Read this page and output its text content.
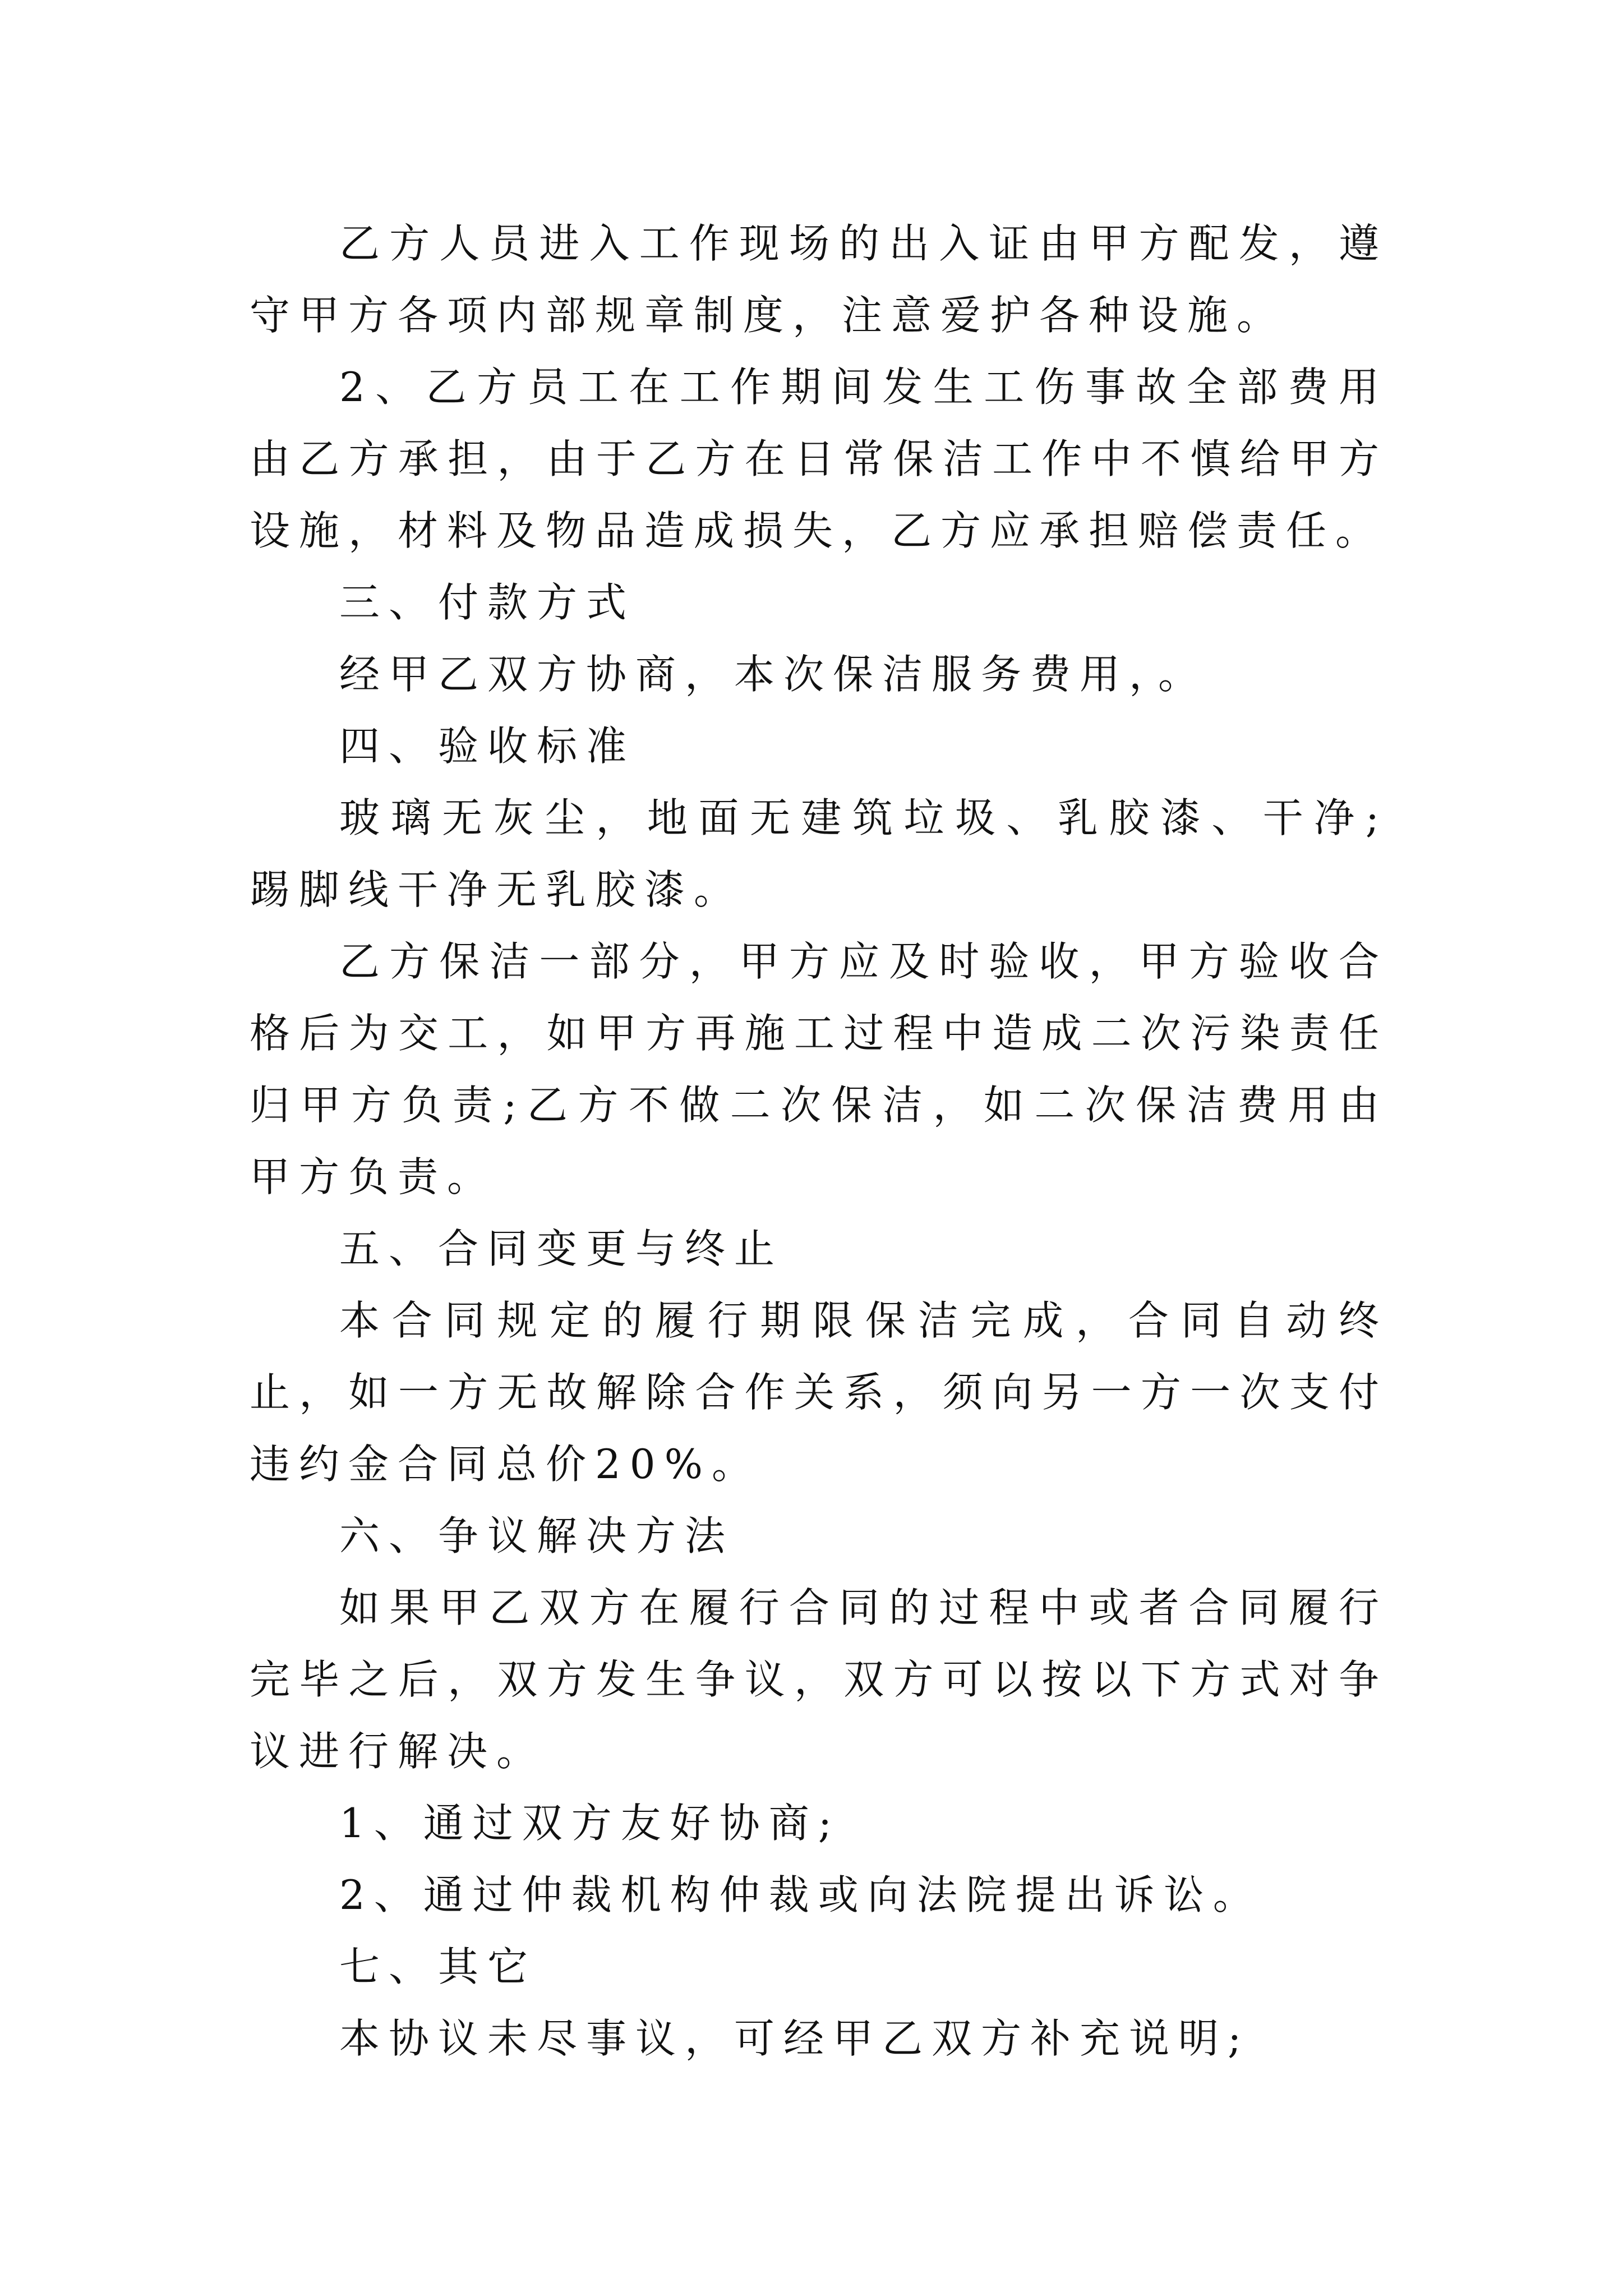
乙方人员进入工作现场的出入证由甲方配发，遵守甲方各项内部规章制度，注意爱护各种设施。

2、乙方员工在工作期间发生工伤事故全部费用由乙方承担，由于乙方在日常保洁工作中不慎给甲方设施，材料及物品造成损失，乙方应承担赔偿责任。

三、付款方式

经甲乙双方协商，本次保洁服务费用，。

四、验收标准

玻璃无灰尘，地面无建筑垃圾、乳胶漆、干净;踢脚线干净无乳胶漆。

乙方保洁一部分，甲方应及时验收，甲方验收合格后为交工，如甲方再施工过程中造成二次污染责任归甲方负责;乙方不做二次保洁，如二次保洁费用由甲方负责。

五、合同变更与终止

本合同规定的履行期限保洁完成，合同自动终止，如一方无故解除合作关系，须向另一方一次支付违约金合同总价20%。

六、争议解决方法

如果甲乙双方在履行合同的过程中或者合同履行完毕之后，双方发生争议，双方可以按以下方式对争议进行解决。

1、通过双方友好协商;

2、通过仲裁机构仲裁或向法院提出诉讼。

七、其它

本协议未尽事议，可经甲乙双方补充说明;
